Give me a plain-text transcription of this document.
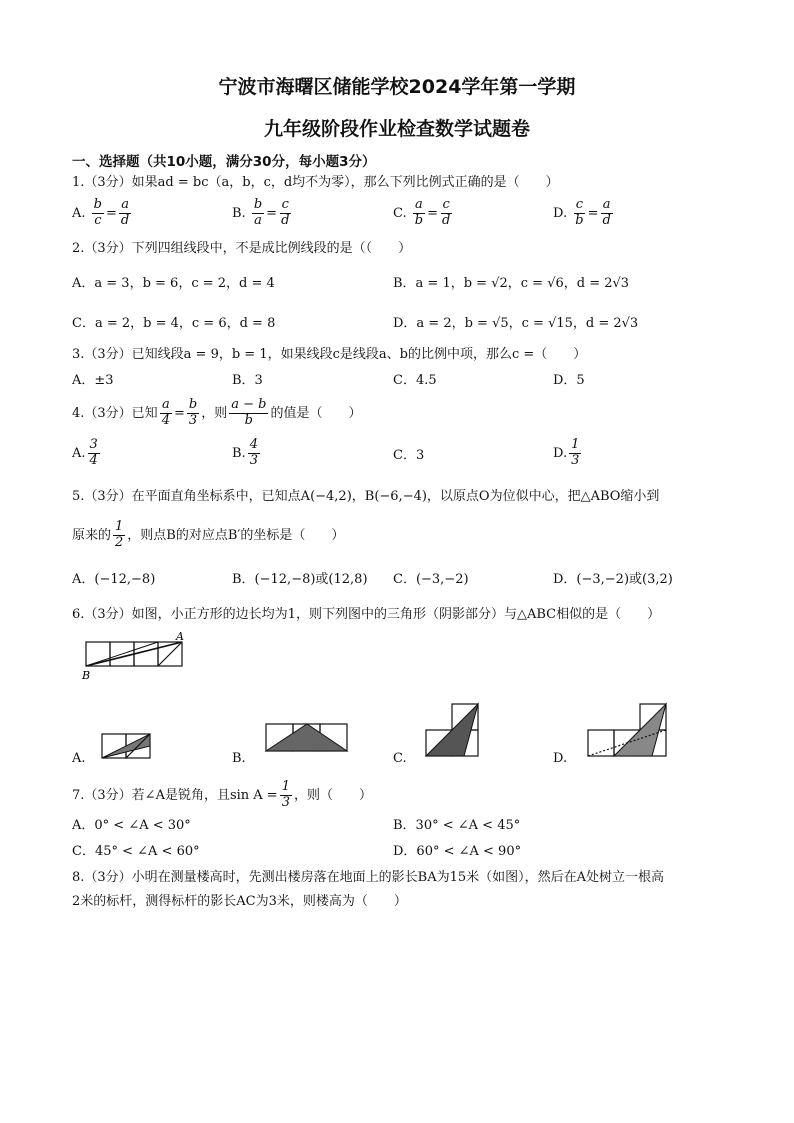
宁波市海曙区储能学校2024学年第一学期
九年级阶段作业检查数学试题卷
一、选择题（共10小题，满分30分，每小题3分）
1.（3分）如果ad = bc（a，b，c，d均不为零），那么下列比例式正确的是（　　）
A. $\frac{b}{c} = \frac{a}{d}$	B. $\frac{b}{a} = \frac{c}{d}$	C. $\frac{a}{b} = \frac{c}{d}$	D. $\frac{c}{b} = \frac{a}{d}$
2.（3分）下列四组线段中，不是成比例线段的是（（　　）
A．a = 3，b = 6，c = 2，d = 4	B．a = 1，b = √2，c = √6，d = 2√3
C．a = 2，b = 4，c = 6，d = 8	D．a = 2，b = √5，c = √15，d = 2√3
3.（3分）已知线段a = 9，b = 1，如果线段c是线段a、b的比例中项，那么c =（　　）
A．±3	B．3	C．4.5	D．5
4.（3分）已知 $\frac{a}{4} = \frac{b}{3}$ ，则 $\frac{a - b}{b}$ 的值是（　　）
A. $\frac{3}{4}$	B. $\frac{4}{3}$	C．3	D. $\frac{1}{3}$
5.（3分）在平面直角坐标系中，已知点A(−4,2)，B(−6,−4)，以原点O为位似中心，把△ABO缩小到
原来的 $\frac{1}{2}$ ，则点B的对应点B′的坐标是（　　）
A．(−12,−8)	B．(−12,−8)或(12,8) C．(−3,−2)	D．(−3,−2)或(3,2)
6.（3分）如图，小正方形的边长均为1，则下列图中的三角形（阴影部分）与△ABC相似的是（　　）
A
B
A.	B.	C.	D.
7.（3分）若∠A是锐角，且$\sin A = \frac{1}{3}$ ，则（　　）
A．0° < ∠A < 30°	B．30° < ∠A < 45°
C．45° < ∠A < 60°	D．60° < ∠A < 90°
8.（3分）小明在测量楼高时，先测出楼房落在地面上的影长BA为15米（如图），然后在A处树立一根高
2米的标杆，测得标杆的影长AC为3米，则楼高为（　　）
